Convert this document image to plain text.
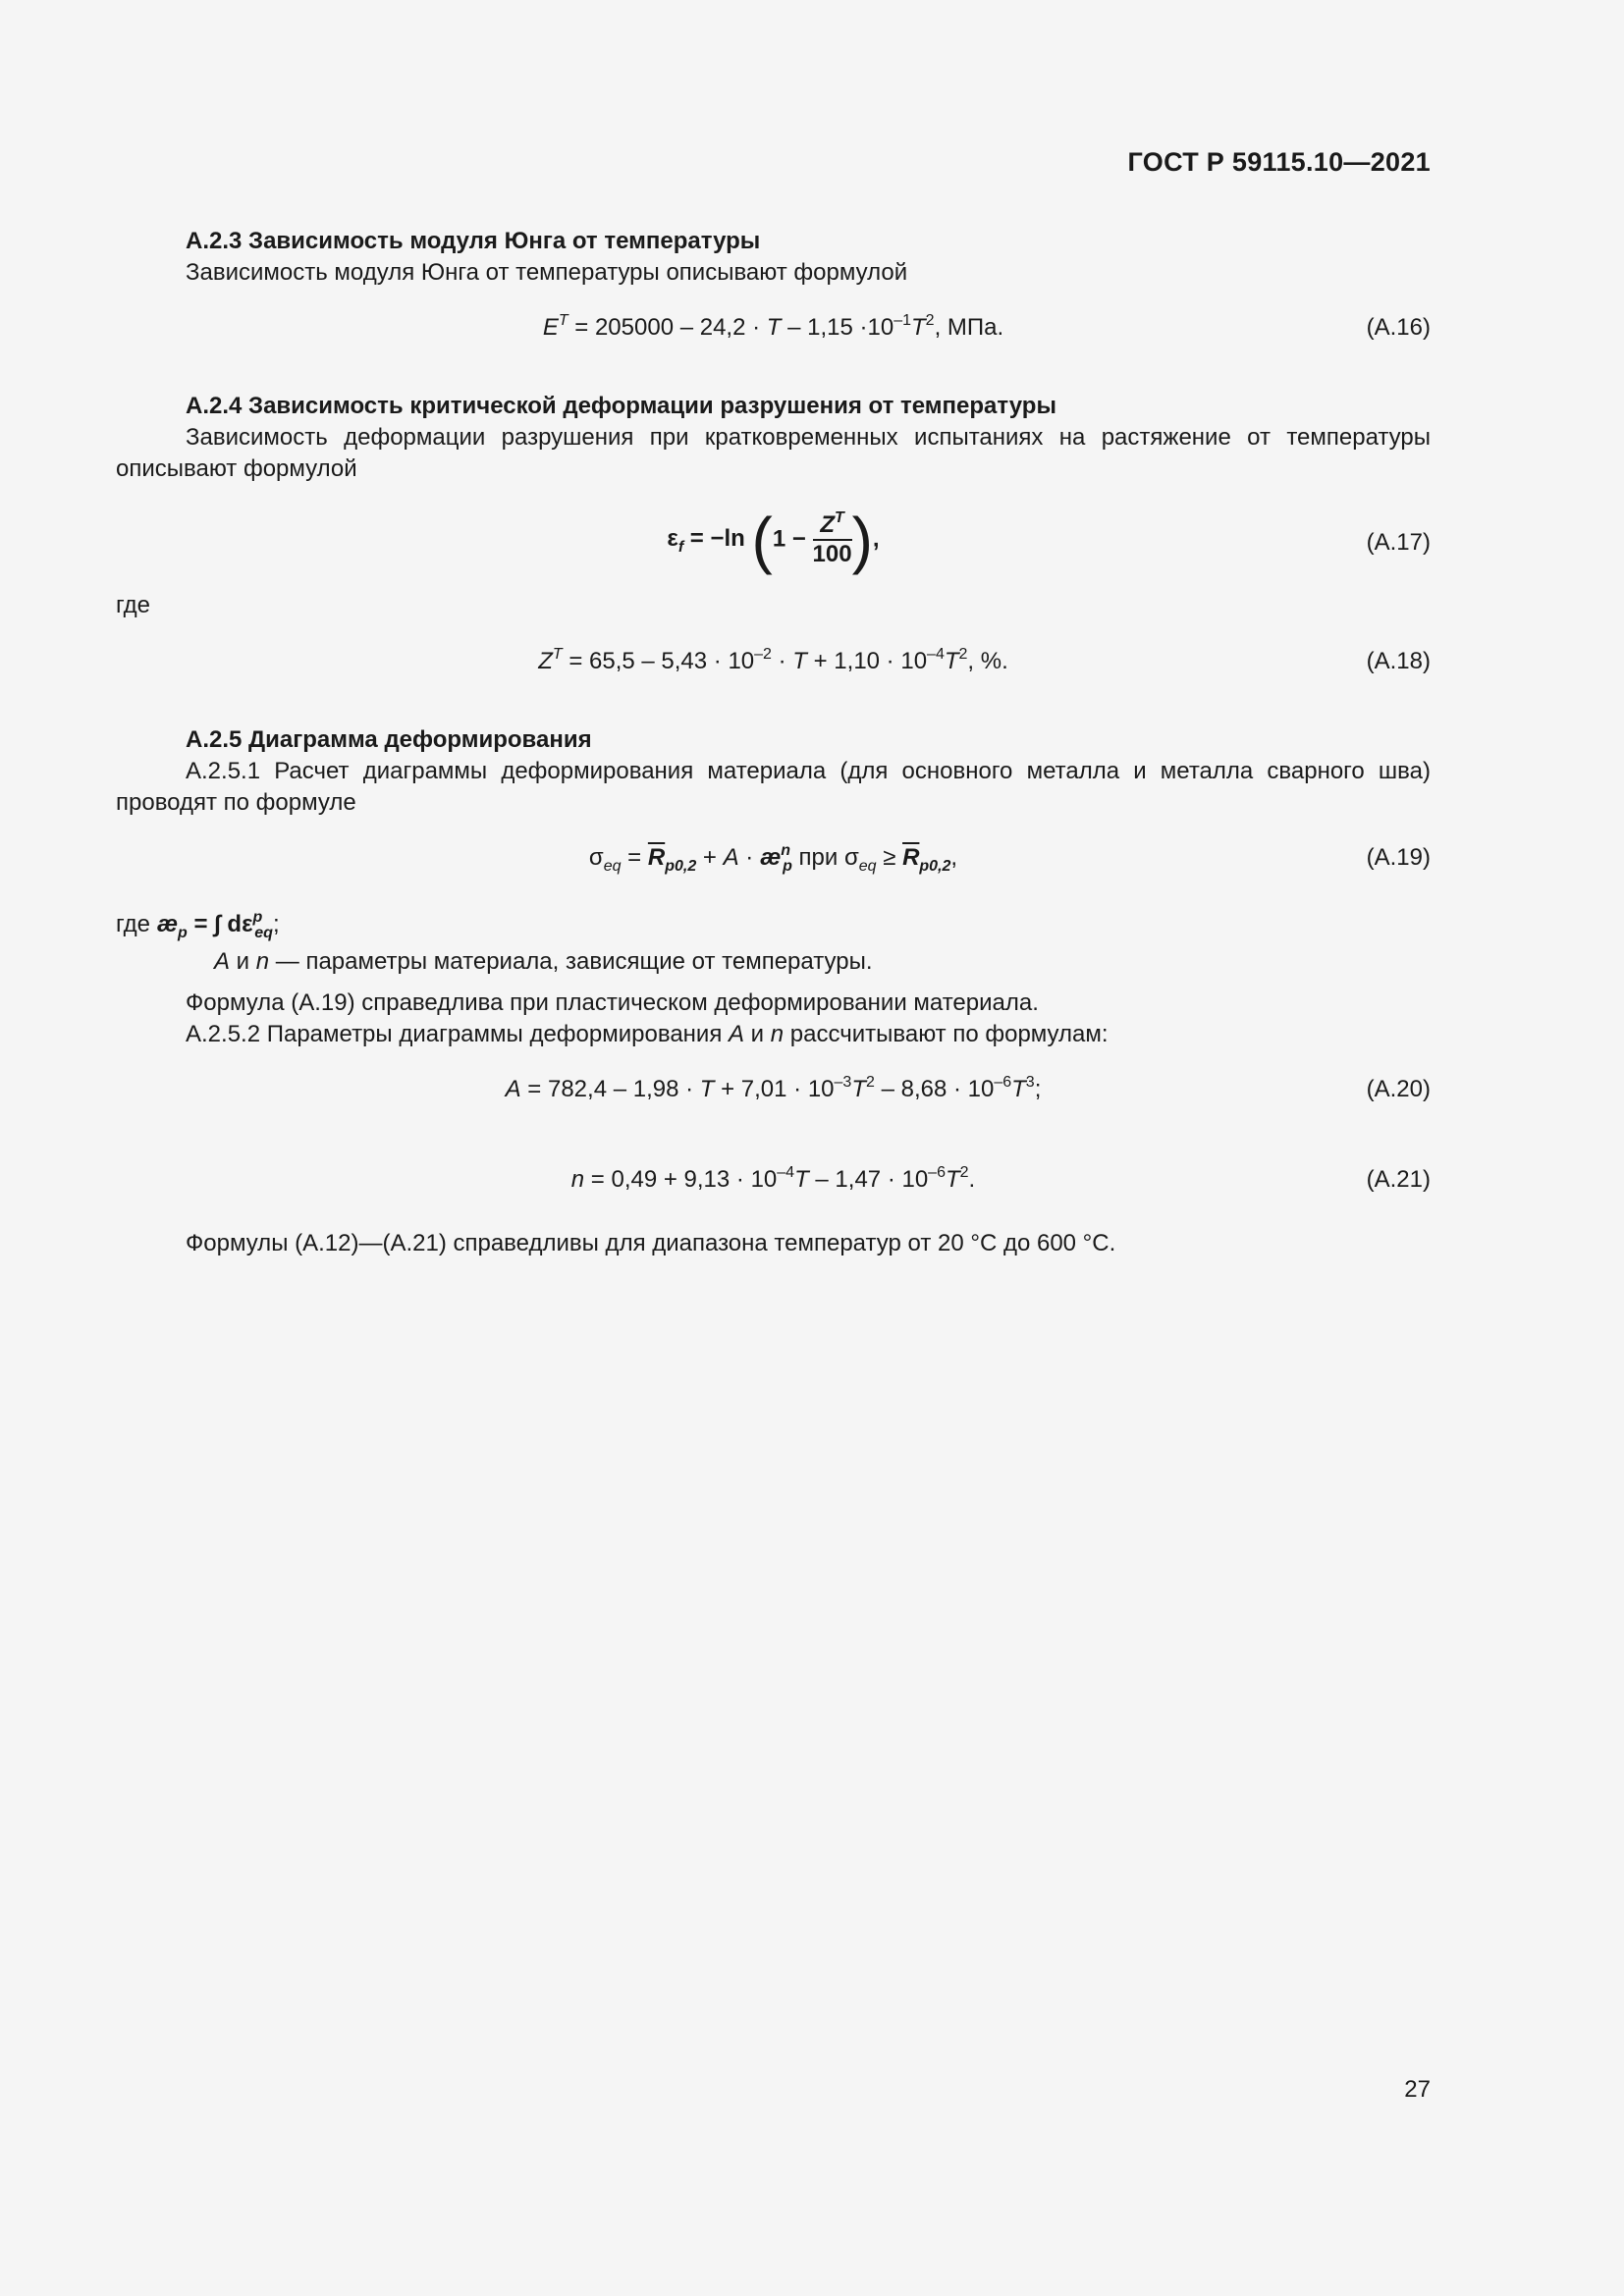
ГОСТ Р 59115.10—2021
А.2.3 Зависимость модуля Юнга от температуры
Зависимость модуля Юнга от температуры описывают формулой
$E^T = 205000 - 24,2 \cdot T - 1,15 \cdot 10^{-1}T^2$, МПа.	(А.16)
А.2.4 Зависимость критической деформации разрушения от температуры
Зависимость деформации разрушения при кратковременных испытаниях на растяжение от температуры описывают формулой
$\varepsilon_f = -\ln$ ($1 - \frac{Z^T}{100}$ ),	(А.17)
где
$Z^T = 65,5 - 5,43 \cdot 10^{-2} \cdot T + 1,10 \cdot 10^{-4}T^2$, %.	(А.18)
А.2.5 Диаграмма деформирования
А.2.5.1 Расчет диаграммы деформирования материала (для основного металла и металла сварного шва) проводят по формуле
$\sigma_{eq} = \overline{R}_{p0,2} + A$ · $æ^n_p$ при $\sigma_{eq} \ge \overline{R}_{p0,2}$,	(А.19)
где $æ_p$ = ∫ $d\varepsilon^p_{eq}$;
A и n — параметры материала, зависящие от температуры.
Формула (А.19) справедлива при пластическом деформировании материала.
А.2.5.2 Параметры диаграммы деформирования A и n рассчитывают по формулам:
$A = 782,4 - 1,98 \cdot T + 7,01 \cdot 10^{-3}T^2 - 8,68 \cdot 10^{-6}T^3$;	(А.20)
$n = 0,49 + 9,13 \cdot 10^{-4}T - 1,47 \cdot 10^{-6}T^2$.	(А.21)
Формулы (А.12)—(А.21) справедливы для диапазона температур от 20 °С до 600 °С.
27
